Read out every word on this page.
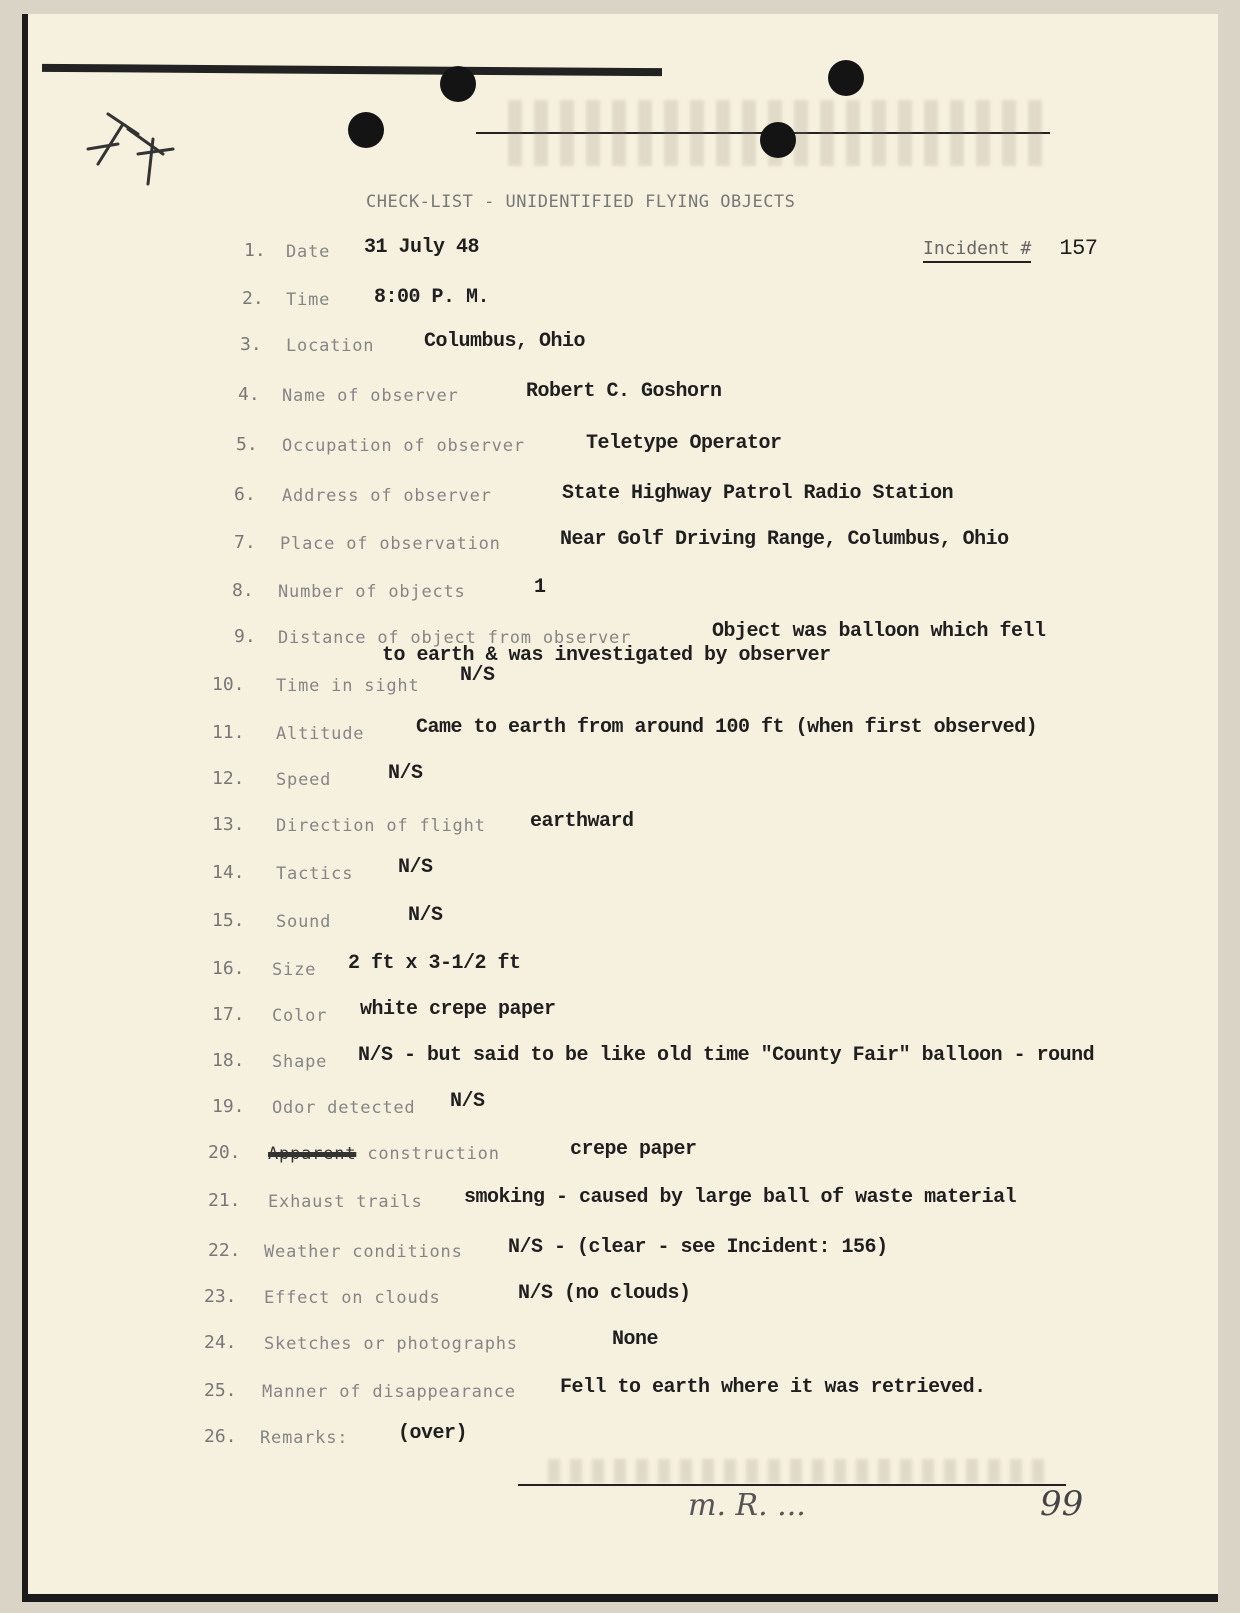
CHECK-LIST - UNIDENTIFIED FLYING OBJECTS
Incident # 157
1. Date 31 July 48
2. Time 8:00 P. M.
3. Location Columbus, Ohio
4. Name of observer	Robert C. Goshorn
5. Occupation of observer	Teletype Operator
6. Address of observer	State Highway Patrol Radio Station
7. Place of observation	Near Golf Driving Range, Columbus, Ohio
8. Number of objects	1
9. Distance of object from observer	Object was balloon which fell
to earth & was investigated by observer
10. Time in sight N/S
11. Altitude	Came to earth from around 100 ft (when first observed)
12. Speed	N/S
13. Direction of flight earthward
14. Tactics N/S
15. Sound	N/S
16. Size 2 ft x 3-1/2 ft
17. Color white crepe paper
18. Shape N/S - but said to be like old time "County Fair" balloon - round
19. Odor detected N/S
20. Apparent construction	crepe paper
21. Exhaust trails smoking - caused by large ball of waste material
22. Weather conditions N/S - (clear - see Incident: 156)
23. Effect on clouds	N/S (no clouds)
24. Sketches or photographs	None
25. Manner of disappearance Fell to earth where it was retrieved.
26. Remarks: (over)
m. R. ...	99
